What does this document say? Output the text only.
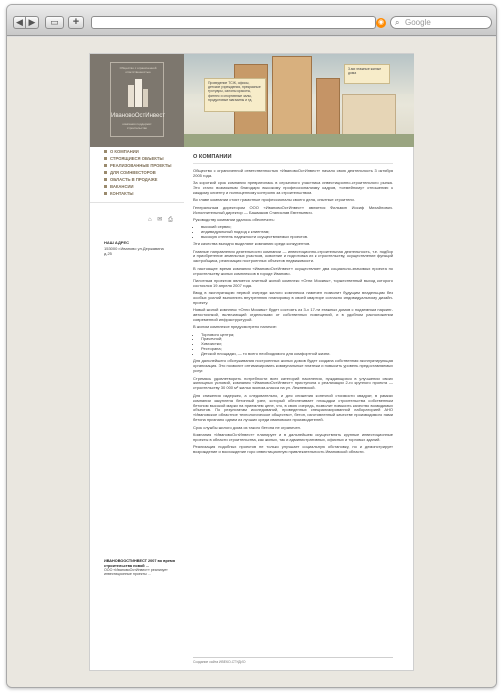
◀ ▶	▭	+	◉ ⌕ Google
Общество с ограниченной ответственностью
ИвановоОстИнвест
компания поддержит строительство
Проведение ТСЖ, офисы, детские учреждения, прекрасные тротуары, салоны красоты, фитнес и спортивные залы, продуктовые магазины и тд.
3-ми этажные жилые дома
О КОМПАНИИ
СТРОЯЩИЕСЯ ОБЪЕКТЫ
РЕАЛИЗОВАННЫЕ ПРОЕКТЫ
ДЛЯ СОИНВЕСТОРОВ
ОБЛАСТЬ В ПРОДАЖЕ
ВАКАНСИИ
КОНТАКТЫ
⌂ ✉ ⎙
НАШ АДРЕС
153000 г.Иваново ул.Державина д.25
ИВАНОВООСТИНВЕСТ 2007 во время строительства новой ...
ООО «ИвановоОстИнвест» реализует инвестиционные проекты ...
О КОМПАНИИ

Общество с ограниченной ответственностью «ИвановоОстИнвест» начало свою деятельность 3 октября 2005 года.

За короткий срок компания превратилась в серьезного участника инвестиционно-строительного рынка. Это стало возможным благодаря высокому профессионализму кадров, «семейному» отношению к каждому клиенту и полноценному контролю за строительством.

Во главе компании стоят грамотные профессионалы своего дела, опытные строители.

Генеральным директором ООО «ИвановоОстИнвест» является Фильмин Иосиф Михайлович. Исполнительный директор — Башмаков Станислав Евгеньевич.

Руководству компании удалось обеспечить:

• высокий сервис;
• индивидуальный подход к клиентам;
• высокую степень надежности осуществляемых проектов.

Эти качества выгодно выделяют компанию среди конкурентов.

Главные направления деятельности компании — инвестиционно-строительная деятельность, т.е. подбор и приобретение земельных участков, освоение и подготовка их к строительству, осуществление функций застройщика, реализация построенных объектов недвижимости.

В настоящее время компания «ИвановоОстИнвест» осуществляет два социально-значимых проекта по строительству жилых комплексов в городе Иваново.

Пилотным проектом является элитный жилой комплекс «Огни Москвы», торжественный выход которого состоялся 19 апреля 2007 года.

Ввод в эксплуатацию первой очереди жилого комплекса намечен позволит будущим владельцам без особых усилий выполнить внутреннюю планировку в своей квартире согласно индивидуальному дизайн-проекту.

Новый жилой комплекс «Огни Москвы» будет состоять из 3-х 17-ти этажных домов с подземным паркинг-автостоянкой, включающий отдельными от собственных помещений, и в удобном расположении современной инфраструктурой.

В жилом комплексе предусмотрено наличие:

• Торгового центра;
• Прачечной;
• Химчистки;
• Ресторана;
• Детской площадки, — то всего необходимого для комфортной жизни.

Для дальнейшего обслуживания построенных жилых домов будет создана собственная эксплуатирующая организация. Это позволит оптимизировать коммунальные платежи и повысить уровень предоставляемых услуг.

Стремясь удовлетворить потребности всех категорий населения, нуждающихся в улучшении своих жилищных условий, компания «ИвановоОстИнвест» приступила к реализации 2-го крупного проекта — строительству 30 000 м² жилья эконом-класса на ул. Лежневской.

Для снижения издержек, а следовательно, и для снижения конечной стоимости квадрат, в рамках компании закуплена бетонный узел, который обеспечивает площадки строительства собственным бетоном высокой марки на приемлем цене, что, в свою очередь, позволит повысить качество возводимых объектов. По результатам исследований, проведенных специализированной лабораторией АНО «Ивановское областное технологическое общество», бетон, изготовленный качестве производимого нами бетона признано одним из лучших среди ивановских производителей.

Срок службы жилого дома из такого бетона не ограничен.

Компания «ИвановоОстИнвест» планирует и в дальнейшем осуществлять крупные инвестиционные проекты в области строительства, как жилых, так и административных, офисных и торговых зданий.

Реализация подобных проектов не только улучшает социальную обстановку, но и демонстрирует возрождение и восхождение горо инвестиционную привлекательность Ивановской области.

Создание сайта ИВЕКО-СТУДИО
